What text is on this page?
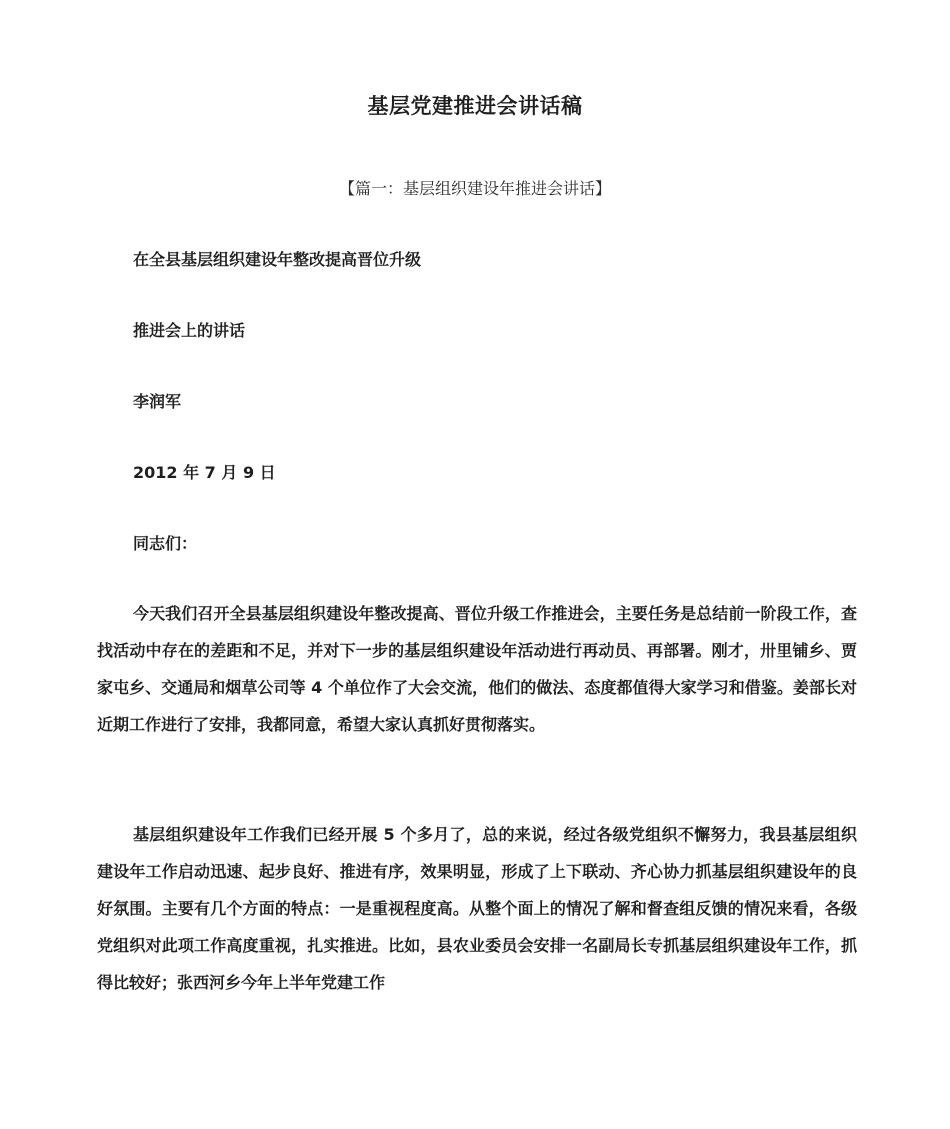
基层党建推进会讲话稿
【篇一：基层组织建设年推进会讲话】
在全县基层组织建设年整改提高晋位升级
推进会上的讲话
李润军
2012 年 7 月 9 日
同志们：
今天我们召开全县基层组织建设年整改提高、晋位升级工作推进会，主要任务是总结前一阶段工作，查找活动中存在的差距和不足，并对下一步的基层组织建设年活动进行再动员、再部署。刚才，卅里铺乡、贾家屯乡、交通局和烟草公司等 4 个单位作了大会交流，他们的做法、态度都值得大家学习和借鉴。姜部长对近期工作进行了安排，我都同意，希望大家认真抓好贯彻落实。
基层组织建设年工作我们已经开展 5 个多月了，总的来说，经过各级党组织不懈努力，我县基层组织建设年工作启动迅速、起步良好、推进有序，效果明显，形成了上下联动、齐心协力抓基层组织建设年的良好氛围。主要有几个方面的特点：一是重视程度高。从整个面上的情况了解和督查组反馈的情况来看，各级党组织对此项工作高度重视，扎实推进。比如，县农业委员会安排一名副局长专抓基层组织建设年工作，抓得比较好；张西河乡今年上半年党建工作
